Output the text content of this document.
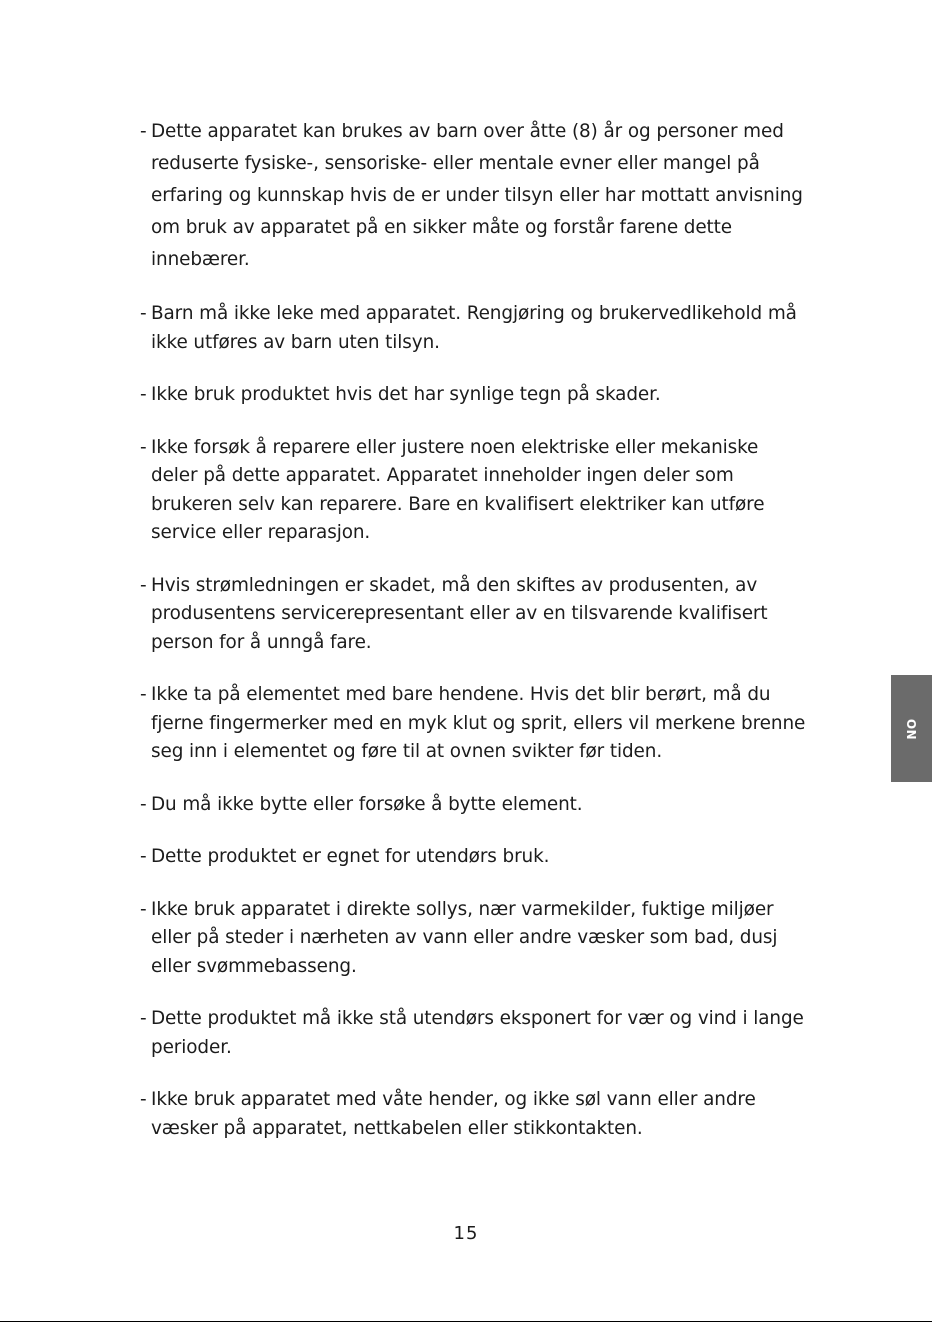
- Dette apparatet kan brukes av barn over åtte (8) år og personer med reduserte fysiske-, sensoriske- eller mentale evner eller mangel på erfaring og kunnskap hvis de er under tilsyn eller har mottatt anvisning om bruk av apparatet på en sikker måte og forstår farene dette innebærer.
- Barn må ikke leke med apparatet. Rengjøring og brukervedlikehold må ikke utføres av barn uten tilsyn.
- Ikke bruk produktet hvis det har synlige tegn på skader.
- Ikke forsøk å reparere eller justere noen elektriske eller mekaniske deler på dette apparatet. Apparatet inneholder ingen deler som brukeren selv kan reparere. Bare en kvalifisert elektriker kan utføre service eller reparasjon.
- Hvis strømledningen er skadet, må den skiftes av produsenten, av produsentens servicerepresentant eller av en tilsvarende kvalifisert person for å unngå fare.
- Ikke ta på elementet med bare hendene. Hvis det blir berørt, må du fjerne fingermerker med en myk klut og sprit, ellers vil merkene brenne seg inn i elementet og føre til at ovnen svikter før tiden.
- Du må ikke bytte eller forsøke å bytte element.
- Dette produktet er egnet for utendørs bruk.
- Ikke bruk apparatet i direkte sollys, nær varmekilder, fuktige miljøer eller på steder i nærheten av vann eller andre væsker som bad, dusj eller svømmebasseng.
- Dette produktet må ikke stå utendørs eksponert for vær og vind i lange perioder.
- Ikke bruk apparatet med våte hender, og ikke søl vann eller andre væsker på apparatet, nettkabelen eller stikkontakten.
NO
15
